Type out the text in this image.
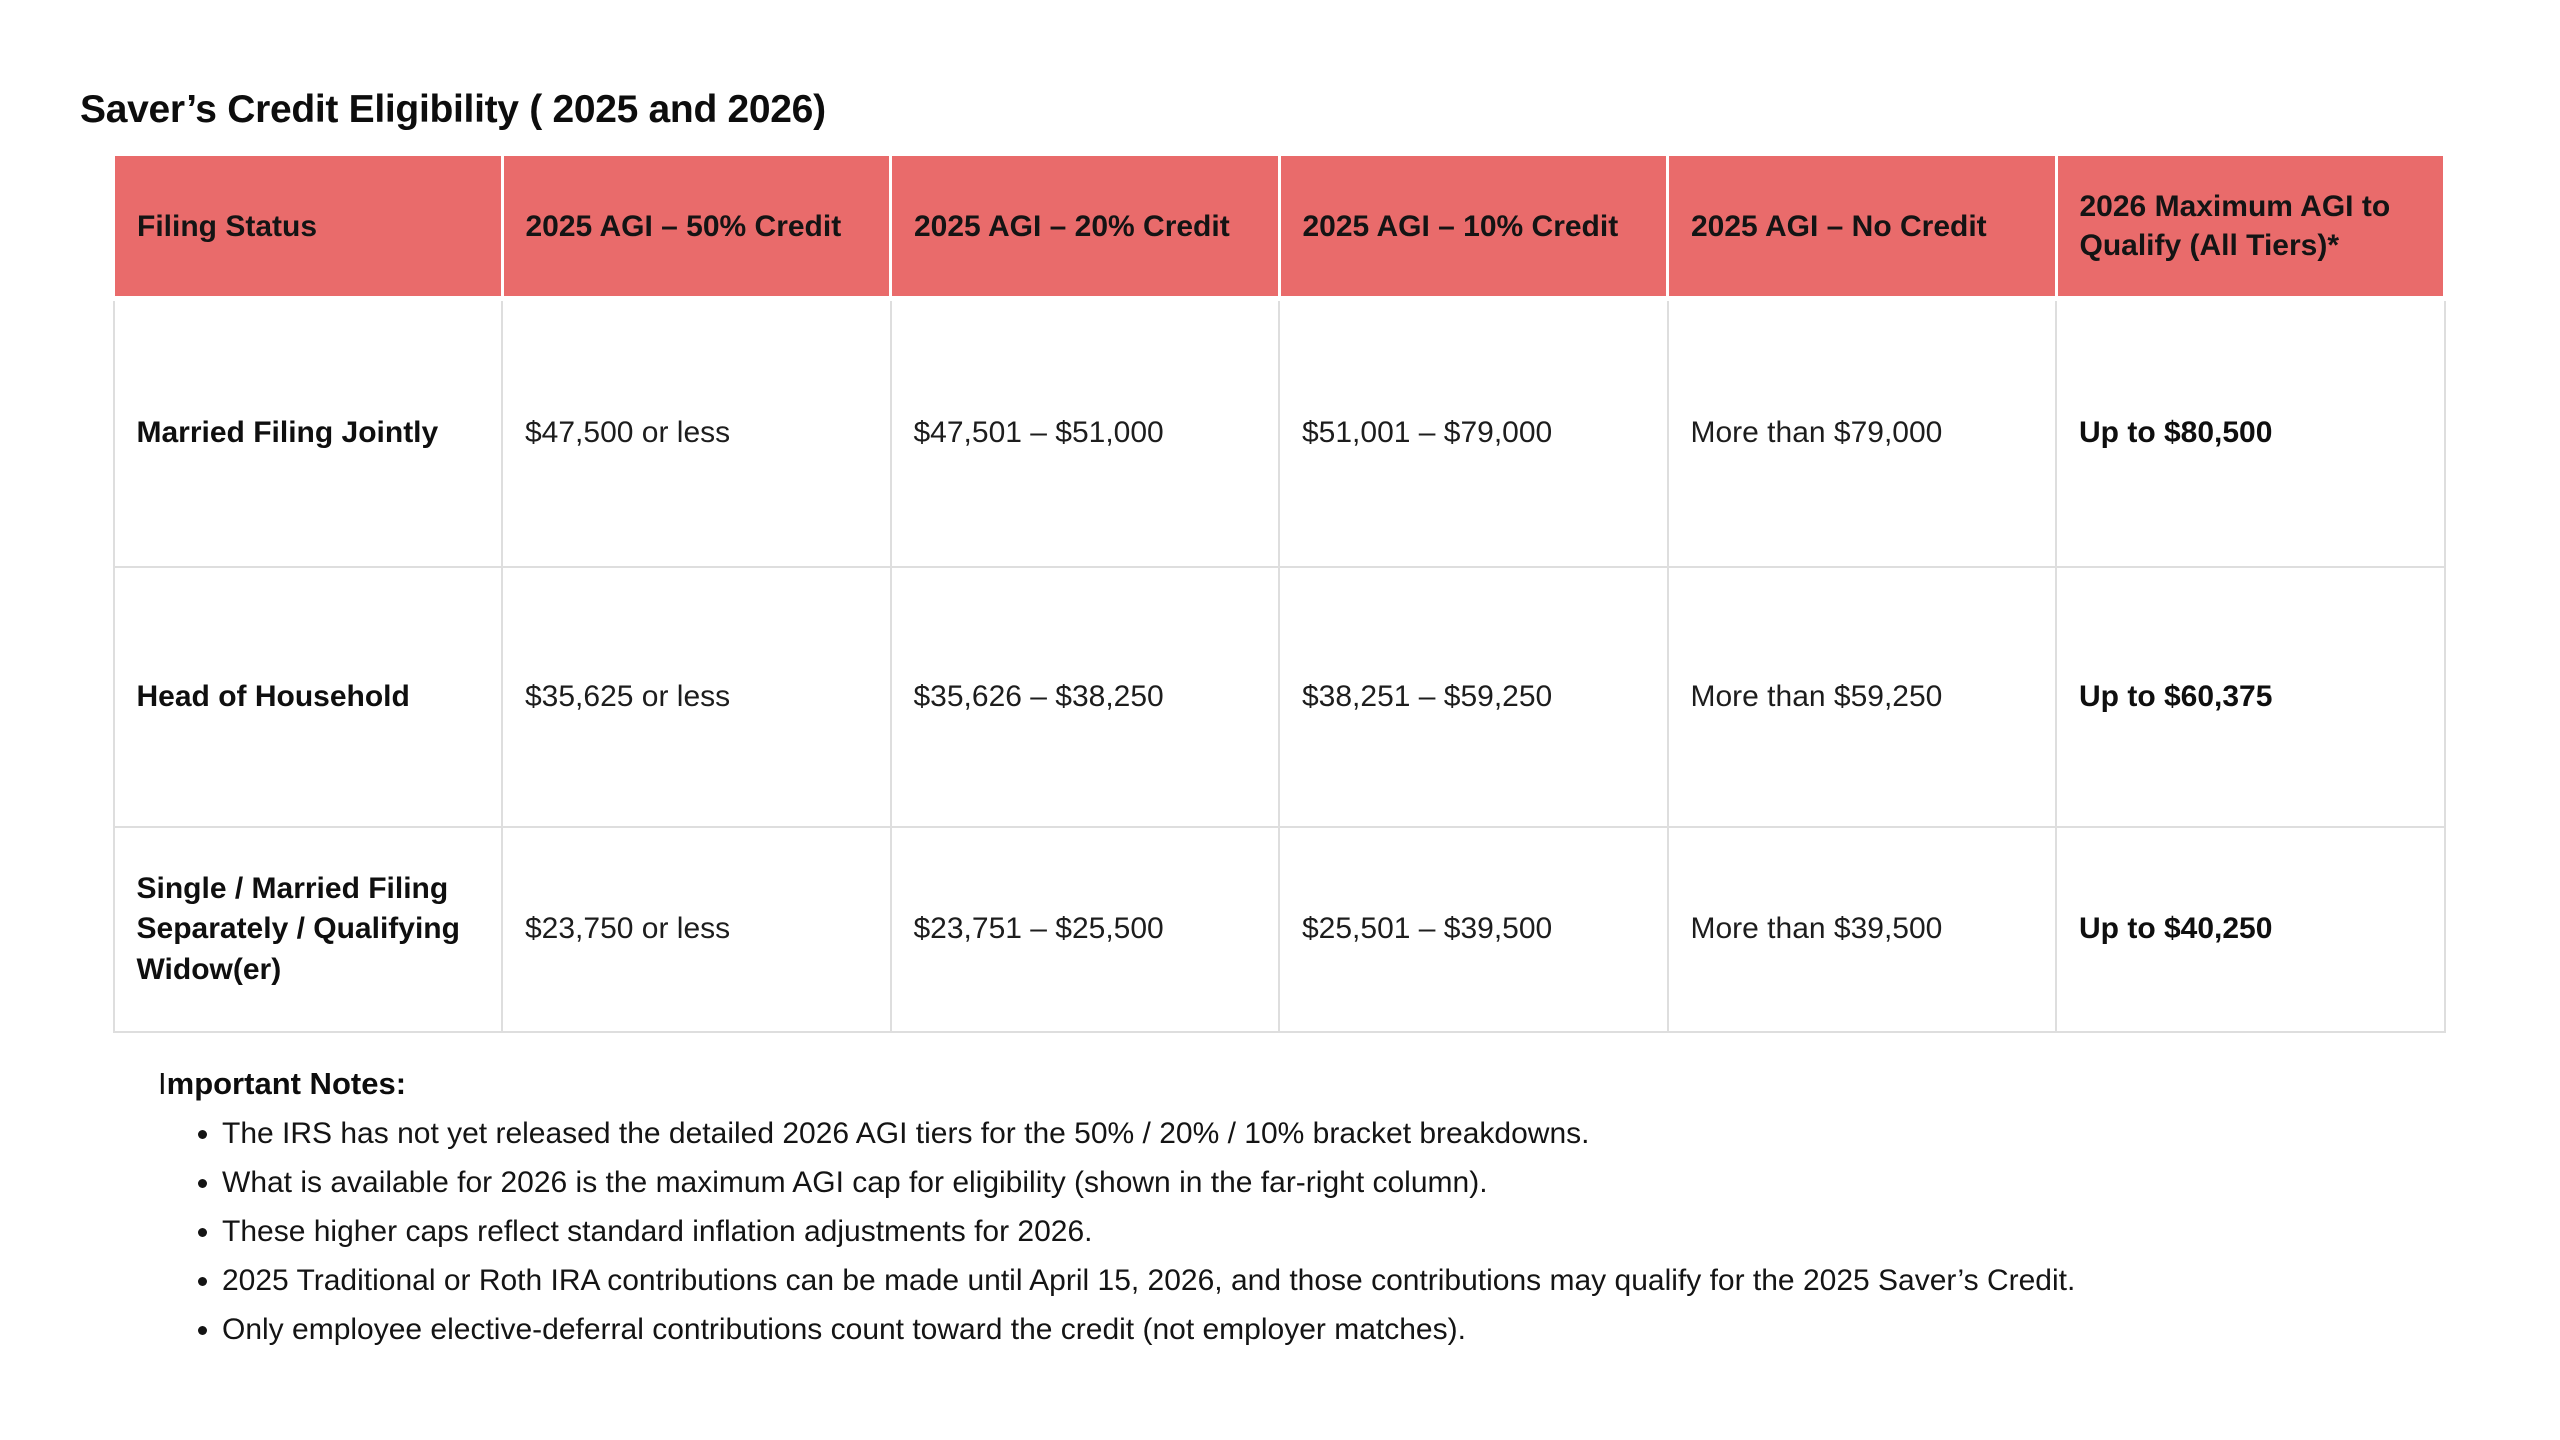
Saver’s Credit Eligibility ( 2025 and 2026)
Filing Status	2025 AGI – 50% Credit	2025 AGI – 20% Credit	2025 AGI – 10% Credit	2025 AGI – No Credit	2026 Maximum AGI to Qualify (All Tiers)*
Married Filing Jointly	$47,500 or less	$47,501 – $51,000	$51,001 – $79,000	More than $79,000	Up to $80,500
Head of Household	$35,625 or less	$35,626 – $38,250	$38,251 – $59,250	More than $59,250	Up to $60,375
Single / Married Filing Separately / Qualifying Widow(er)	$23,750 or less	$23,751 – $25,500	$25,501 – $39,500	More than $39,500	Up to $40,250
Important Notes:
• The IRS has not yet released the detailed 2026 AGI tiers for the 50% / 20% / 10% bracket breakdowns.
• What is available for 2026 is the maximum AGI cap for eligibility (shown in the far-right column).
• These higher caps reflect standard inflation adjustments for 2026.
• 2025 Traditional or Roth IRA contributions can be made until April 15, 2026, and those contributions may qualify for the 2025 Saver’s Credit.
• Only employee elective-deferral contributions count toward the credit (not employer matches).
